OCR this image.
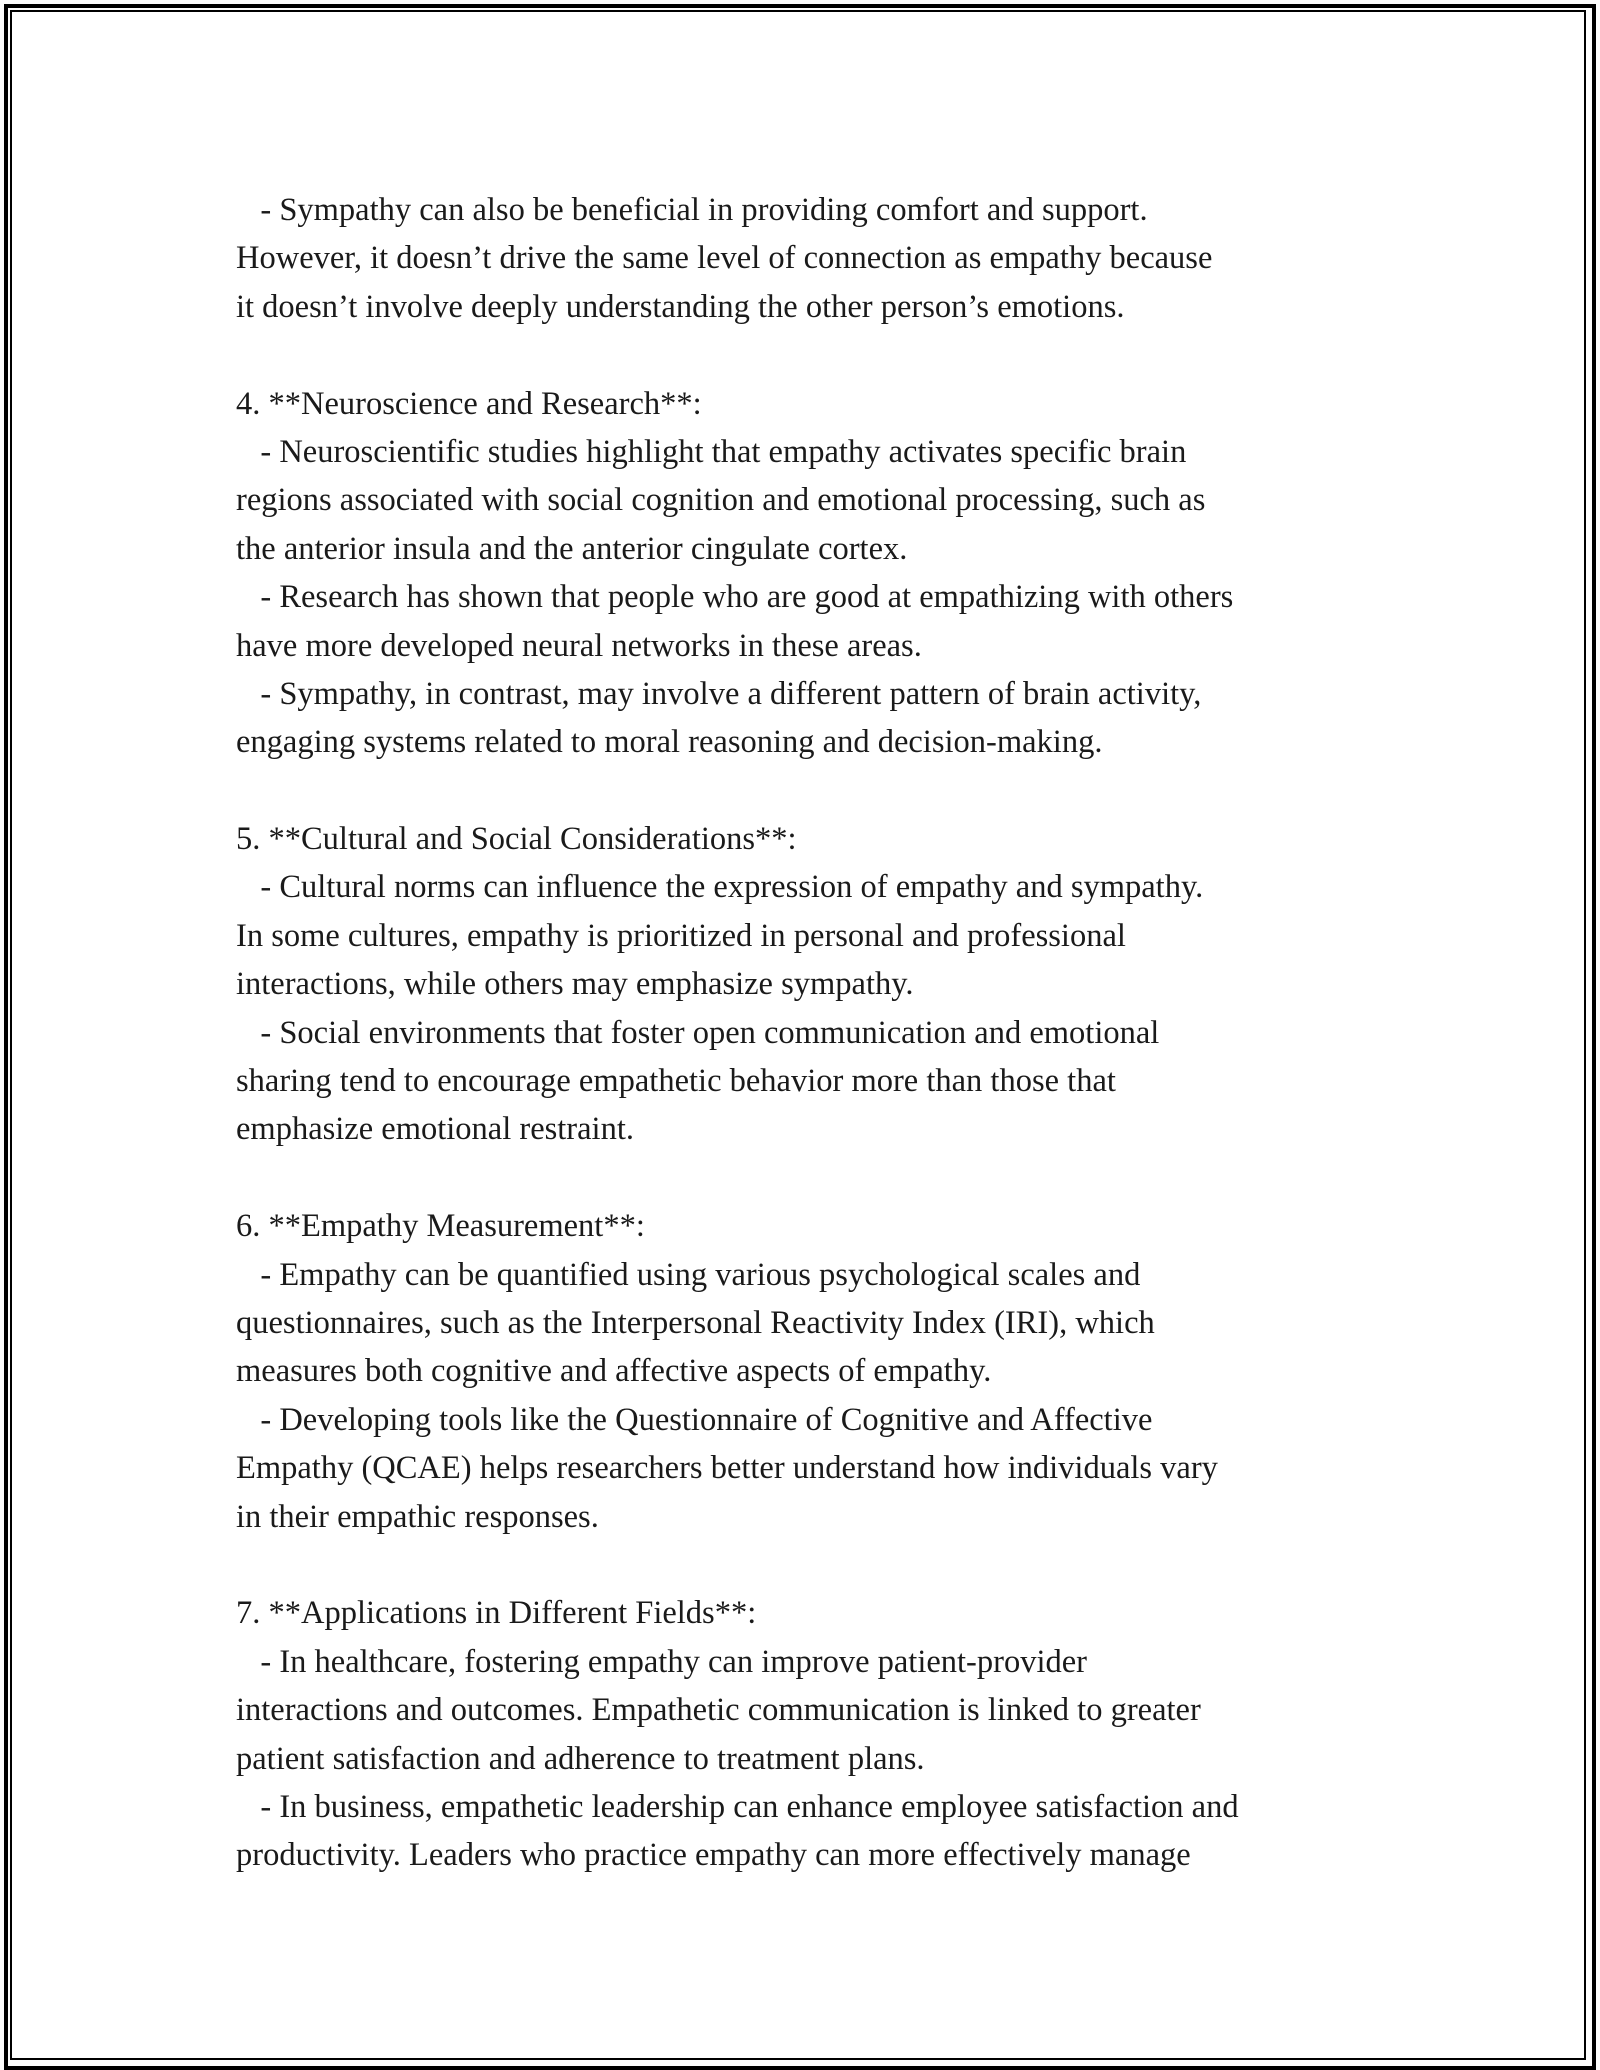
- Sympathy can also be beneficial in providing comfort and support.
However, it doesn’t drive the same level of connection as empathy because
it doesn’t involve deeply understanding the other person’s emotions.
4. **Neuroscience and Research**:
- Neuroscientific studies highlight that empathy activates specific brain
regions associated with social cognition and emotional processing, such as
the anterior insula and the anterior cingulate cortex.
- Research has shown that people who are good at empathizing with others
have more developed neural networks in these areas.
- Sympathy, in contrast, may involve a different pattern of brain activity,
engaging systems related to moral reasoning and decision-making.
5. **Cultural and Social Considerations**:
- Cultural norms can influence the expression of empathy and sympathy.
In some cultures, empathy is prioritized in personal and professional
interactions, while others may emphasize sympathy.
- Social environments that foster open communication and emotional
sharing tend to encourage empathetic behavior more than those that
emphasize emotional restraint.
6. **Empathy Measurement**:
- Empathy can be quantified using various psychological scales and
questionnaires, such as the Interpersonal Reactivity Index (IRI), which
measures both cognitive and affective aspects of empathy.
- Developing tools like the Questionnaire of Cognitive and Affective
Empathy (QCAE) helps researchers better understand how individuals vary
in their empathic responses.
7. **Applications in Different Fields**:
- In healthcare, fostering empathy can improve patient-provider
interactions and outcomes. Empathetic communication is linked to greater
patient satisfaction and adherence to treatment plans.
- In business, empathetic leadership can enhance employee satisfaction and
productivity. Leaders who practice empathy can more effectively manage
